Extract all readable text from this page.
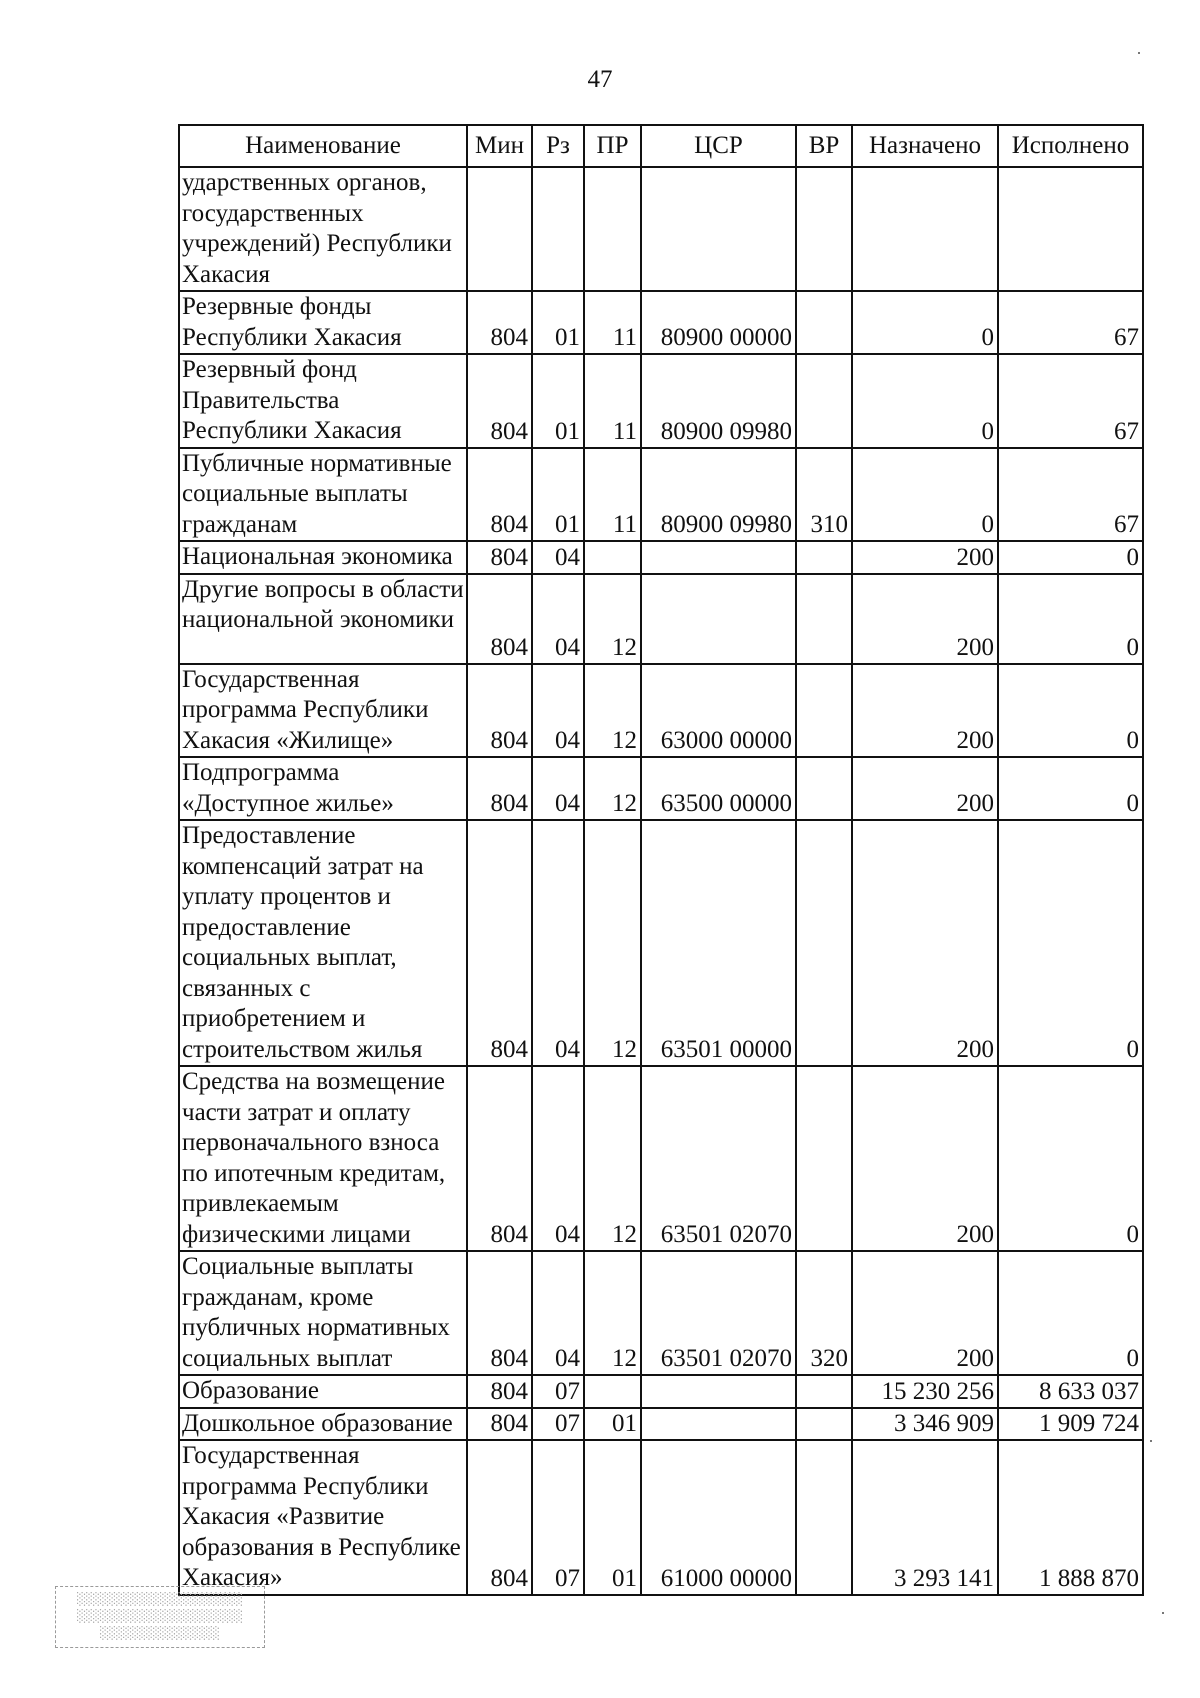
47
Наименование	Мин	Рз	ПР	ЦСР	ВР	Назначено	Исполнено
ударственных органов, государственных учреждений) Республики Хакасия							
Резервные фонды Республики Хакасия	804	01	11	80900 00000		0	67
Резервный фонд Правительства Республики Хакасия	804	01	11	80900 09980		0	67
Публичные нормативные социальные выплаты гражданам	804	01	11	80900 09980	310	0	67
Национальная экономика	804	04				200	0
Другие вопросы в области национальной экономики	804	04	12			200	0
Государственная программа Республики Хакасия «Жилище»	804	04	12	63000 00000		200	0
Подпрограмма «Доступное жилье»	804	04	12	63500 00000		200	0
Предоставление компенсаций затрат на уплату процентов и предоставление социальных выплат, связанных с приобретением и строительством жилья	804	04	12	63501 00000		200	0
Средства на возмещение части затрат и оплату первоначального взноса по ипотечным кредитам, привлекаемым физическими лицами	804	04	12	63501 02070		200	0
Социальные выплаты гражданам, кроме публичных нормативных социальных выплат	804	04	12	63501 02070	320	200	0
Образование	804	07				15 230 256	8 633 037
Дошкольное образование	804	07	01			3 346 909	1 909 724
Государственная программа Республики Хакасия «Развитие образования в Республике Хакасия»	804	07	01	61000 00000		3 293 141	1 888 870
░░░░░░░░░░░░░░░░░░
░░░░░░░░░░░░░░░░░░
░░░░░░░░░░░░░
